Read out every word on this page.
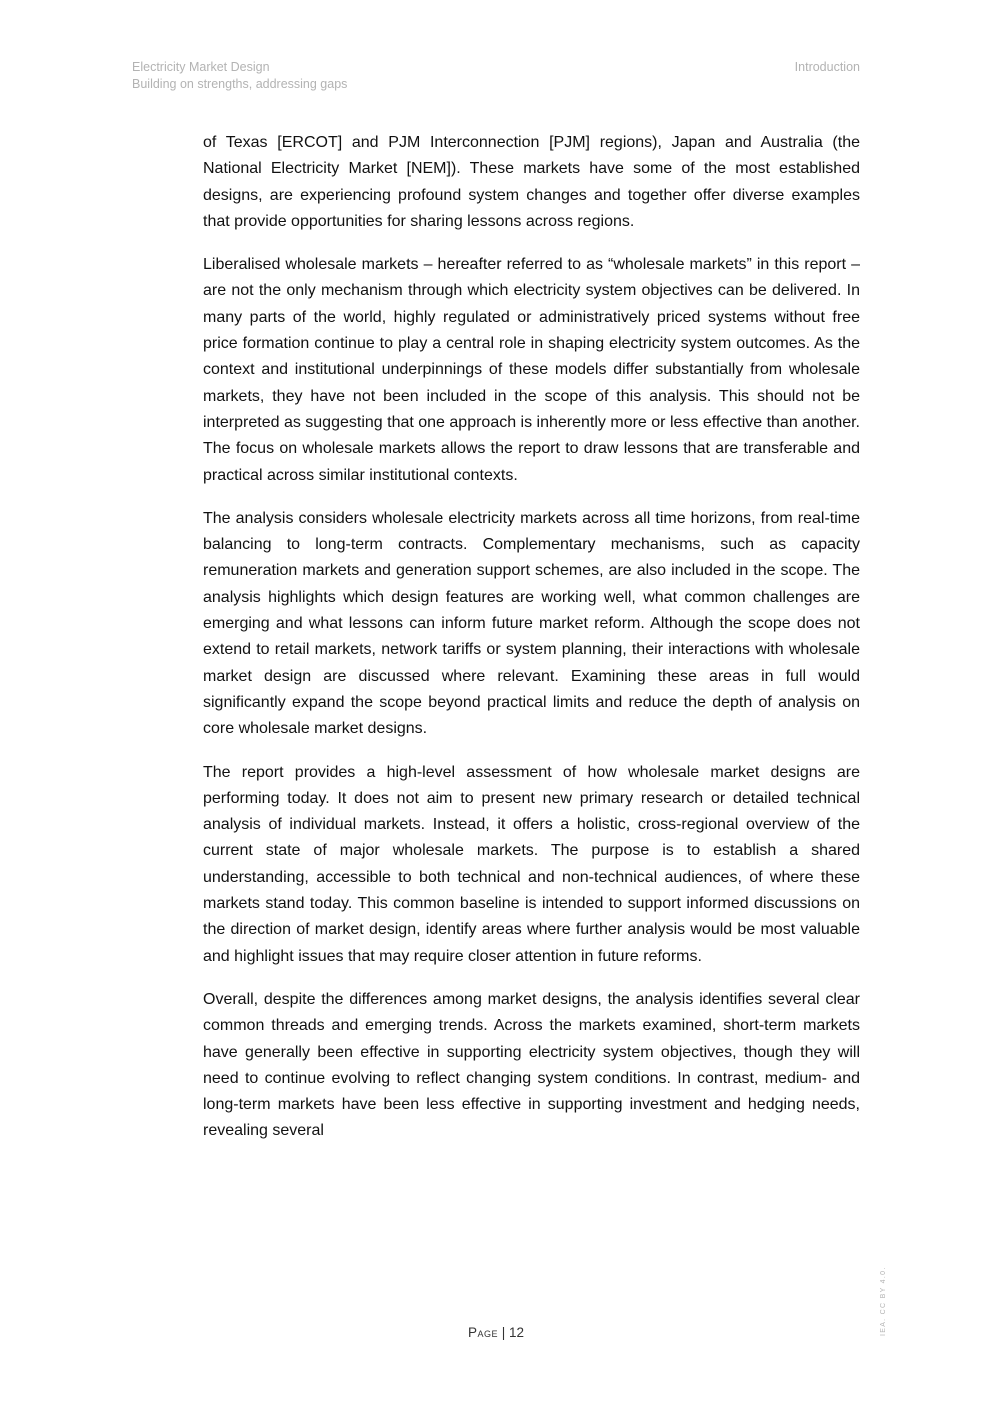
Electricity Market Design
Building on strengths, addressing gaps
Introduction

of Texas [ERCOT] and PJM Interconnection [PJM] regions), Japan and Australia (the National Electricity Market [NEM]). These markets have some of the most established designs, are experiencing profound system changes and together offer diverse examples that provide opportunities for sharing lessons across regions.

Liberalised wholesale markets – hereafter referred to as “wholesale markets” in this report – are not the only mechanism through which electricity system objectives can be delivered. In many parts of the world, highly regulated or administratively priced systems without free price formation continue to play a central role in shaping electricity system outcomes. As the context and institutional underpinnings of these models differ substantially from wholesale markets, they have not been included in the scope of this analysis. This should not be interpreted as suggesting that one approach is inherently more or less effective than another. The focus on wholesale markets allows the report to draw lessons that are transferable and practical across similar institutional contexts.

The analysis considers wholesale electricity markets across all time horizons, from real-time balancing to long-term contracts. Complementary mechanisms, such as capacity remuneration markets and generation support schemes, are also included in the scope. The analysis highlights which design features are working well, what common challenges are emerging and what lessons can inform future market reform. Although the scope does not extend to retail markets, network tariffs or system planning, their interactions with wholesale market design are discussed where relevant. Examining these areas in full would significantly expand the scope beyond practical limits and reduce the depth of analysis on core wholesale market designs.

The report provides a high-level assessment of how wholesale market designs are performing today. It does not aim to present new primary research or detailed technical analysis of individual markets. Instead, it offers a holistic, cross-regional overview of the current state of major wholesale markets. The purpose is to establish a shared understanding, accessible to both technical and non-technical audiences, of where these markets stand today. This common baseline is intended to support informed discussions on the direction of market design, identify areas where further analysis would be most valuable and highlight issues that may require closer attention in future reforms.

Overall, despite the differences among market designs, the analysis identifies several clear common threads and emerging trends. Across the markets examined, short-term markets have generally been effective in supporting electricity system objectives, though they will need to continue evolving to reflect changing system conditions. In contrast, medium- and long-term markets have been less effective in supporting investment and hedging needs, revealing several

Page | 12	IEA. CC BY 4.0.
